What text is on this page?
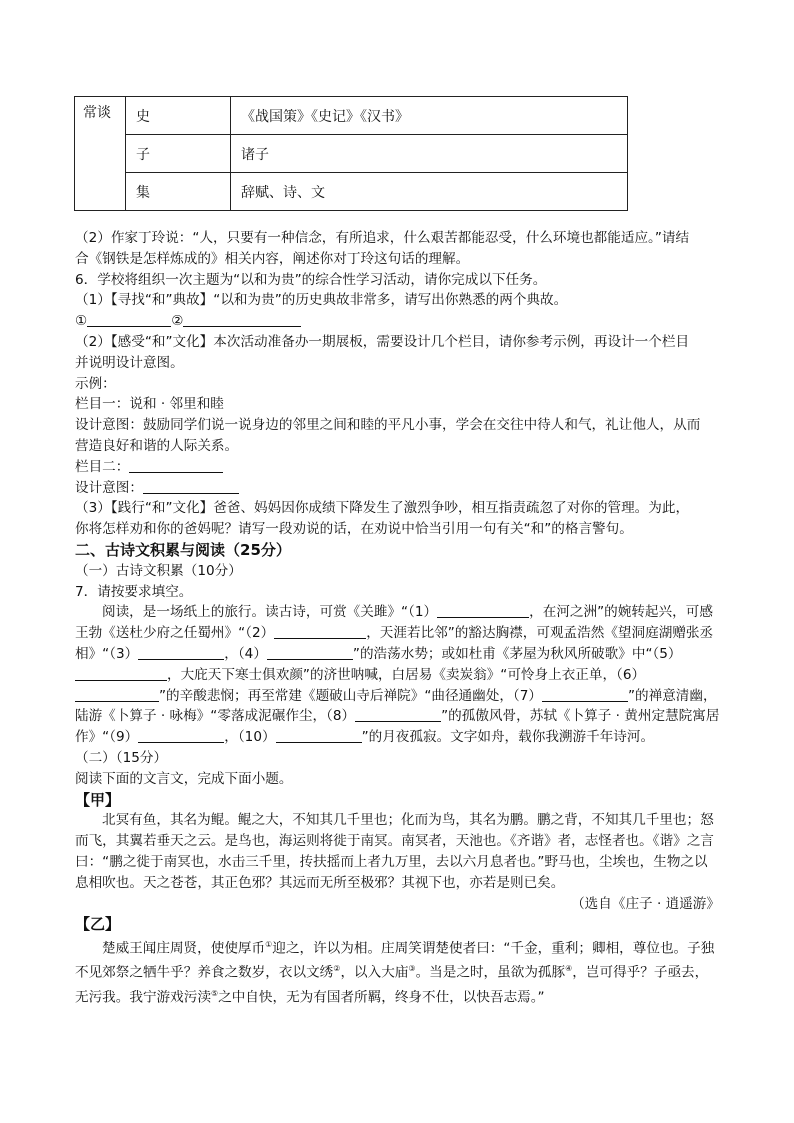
常谈	史	《战国策》《史记》《汉书》
	子	诸子
	集	辞赋、诗、文

（2）作家丁玲说：“人，只要有一种信念，有所追求，什么艰苦都能忍受，什么环境也都能适应。”请结

合《钢铁是怎样炼成的》相关内容，阐述你对丁玲这句话的理解。

6．学校将组织一次主题为“以和为贵”的综合性学习活动，请你完成以下任务。

（1）【寻找“和”典故】“以和为贵”的历史典故非常多，请写出你熟悉的两个典故。

①	②

（2）【感受“和”文化】本次活动准备办一期展板，需要设计几个栏目，请你参考示例，再设计一个栏目

并说明设计意图。

示例：

栏目一：说和 · 邻里和睦

设计意图：鼓励同学们说一说身边的邻里之间和睦的平凡小事，学会在交往中待人和气，礼让他人，从而

营造良好和谐的人际关系。

栏目二：

设计意图：

（3）【践行“和”文化】爸爸、妈妈因你成绩下降发生了激烈争吵，相互指责疏忽了对你的管理。为此，

你将怎样劝和你的爸妈呢？请写一段劝说的话，在劝说中恰当引用一句有关“和”的格言警句。

二、古诗文积累与阅读（25分）

（一）古诗文积累（10分）

7．请按要求填空。

阅读，是一场纸上的旅行。读古诗，可赏《关雎》“（1）	，在河之洲”的婉转起兴，可感王勃《送杜少府之任蜀州》“（2）	，天涯若比邻”的豁达胸襟，可观孟浩然《望洞庭湖赠张丞相》“（3）	，（4）	”的浩荡水势；或如杜甫《茅屋为秋风所破歌》中“（5），大庇天下寒士俱欢颜”的济世呐喊，白居易《卖炭翁》“可怜身上衣正单，（6）”的辛酸悲悯；再至常建《题破山寺后禅院》“曲径通幽处，（7）	”的禅意清幽，陆游《卜算子 · 咏梅》“零落成泥碾作尘，（8）	”的孤傲风骨，苏轼《卜算子 · 黄州定慧院寓居作》“（9）	，（10）	”的月夜孤寂。文字如舟，载你我溯游千年诗河。

（二）（15分）

阅读下面的文言文，完成下面小题。

【甲】

北冥有鱼，其名为鲲。鲲之大，不知其几千里也；化而为鸟，其名为鹏。鹏之背，不知其几千里也；怒而飞，其翼若垂天之云。是鸟也，海运则将徙于南冥。南冥者，天池也。《齐谐》者，志怪者也。《谐》之言曰：“鹏之徙于南冥也，水击三千里，抟扶摇而上者九万里，去以六月息者也。”野马也，尘埃也，生物之以息相吹也。天之苍苍，其正色邪？其远而无所至极邪？其视下也，亦若是则已矣。

（选自《庄子 · 逍遥游》

【乙】

楚威王闻庄周贤，使使厚币①迎之，许以为相。庄周笑谓楚使者曰：“千金，重利；卿相，尊位也。子独不见郊祭之牺牛乎？养食之数岁，衣以文绣②，以入大庙③。当是之时，虽欲为孤豚④，岂可得乎？子亟去，无污我。我宁游戏污渎⑤之中自快，无为有国者所羁，终身不仕，以快吾志焉。”
